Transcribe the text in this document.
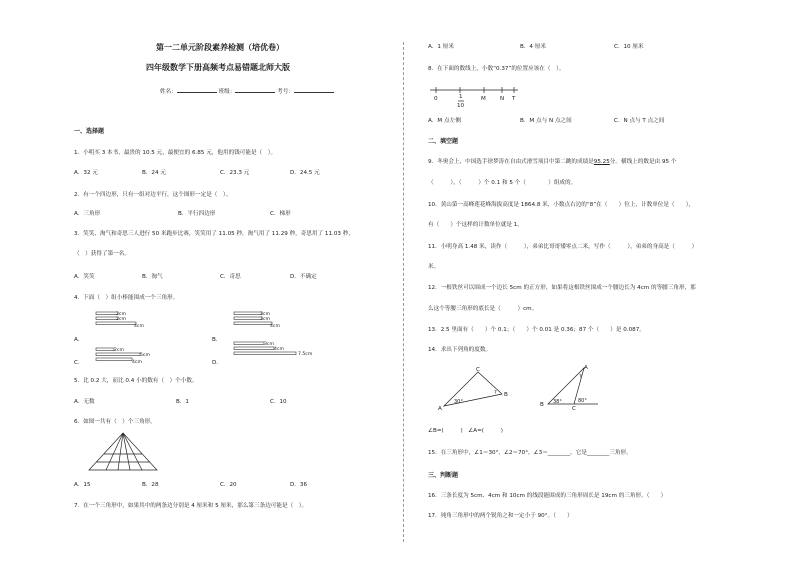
第一二单元阶段素养检测（培优卷）
四年级数学下册高频考点易错题北师大版
姓名：	班级：	考号：
一、选择题
1．小明买 3 本书，最贵的 10.5 元，最便宜的 6.85 元，他用的钱可能是（　）。
A．32 元	B．24 元	C．23.3 元	D．24.5 元
2．有一个四边形，只有一组对边平行，这个图形一定是（　）。
A．三角形	B．平行四边形	C．梯形
3．笑笑、淘气和奇思三人进行 50 米跑步比赛，笑笑用了 11.05 秒，淘气用了 11.29 秒，奇思用了 11.03 秒，
（　）获得了第一名。
A．笑笑	B．淘气	C．奇思	D．不确定
4．下面（　）组小棒能围成一个三角形。
A．
2cm
2cm
4cm
B．
3cm
3cm
4cm
C．
2cm
5cm
4cm	D．
3cm
4cm
7.5cm
5．比 0.2 大，而比 0.4 小的数有（　）个小数。
A．无数	B．1	C．10
6．如图一共有（　）个三角形。
A．15	B．28	C．20	D．36
7．在一个三角形中，如果其中的两条边分别是 4 厘米和 5 厘米，那么第三条边可能是（　）。
A．1 厘米	B．4 厘米	C．10 厘米
8．在下面的数线上，小数“0.37”的位置应该在（　）。
0	1
10
M	N T
A．M 点左侧	B．M 点与 N 点之间	C．N 点与 T 点之间
二、填空题
9．冬奥会上，中国选手徐梦涛在自由式滑雪项目中第二跳的成绩是95.25分。横线上的数是由 95 个
（　　　），（　　　）个 0.1 和 5 个（　　　　）组成的。
10．黄山第一高峰莲花峰海拔高度是 1864.8 米，小数点右边的“8”在（　　）位上，计数单位是（　　），
有（　　）个这样的计数单位就是 1。
11．小明身高 1.48 米，读作（　　　），弟弟比哥哥矮零点二米，写作（　　　），弟弟的身高是（　　　）
米。
12．一根铁丝可以围成一个边长 5cm 的正方形，如果将这根铁丝围成一个腰边长为 4cm 的等腰三角形，那
么这个等腰三角形的底长是（　　　）cm。
13．2.5 里面有（　　）个 0.1；（　　）个 0.01 是 0.36；87 个（　　）是 0.087。
14．求出下列角的度数。
C
A
B
30°
?
A
B
C
38°	80°
?
∠B=(　　　)　∠A=(　　　)
15．在三角形中，∠1＝30°，∠2＝70°，∠3＝________，它是________三角形。
三、判断题
16．三条长度为 5cm、4cm 和 10cm 的线段能围成的三角形周长是 19cm 的三角形。（　　）
17．钝角三角形中的两个锐角之和一定小于 90°。（　　）
